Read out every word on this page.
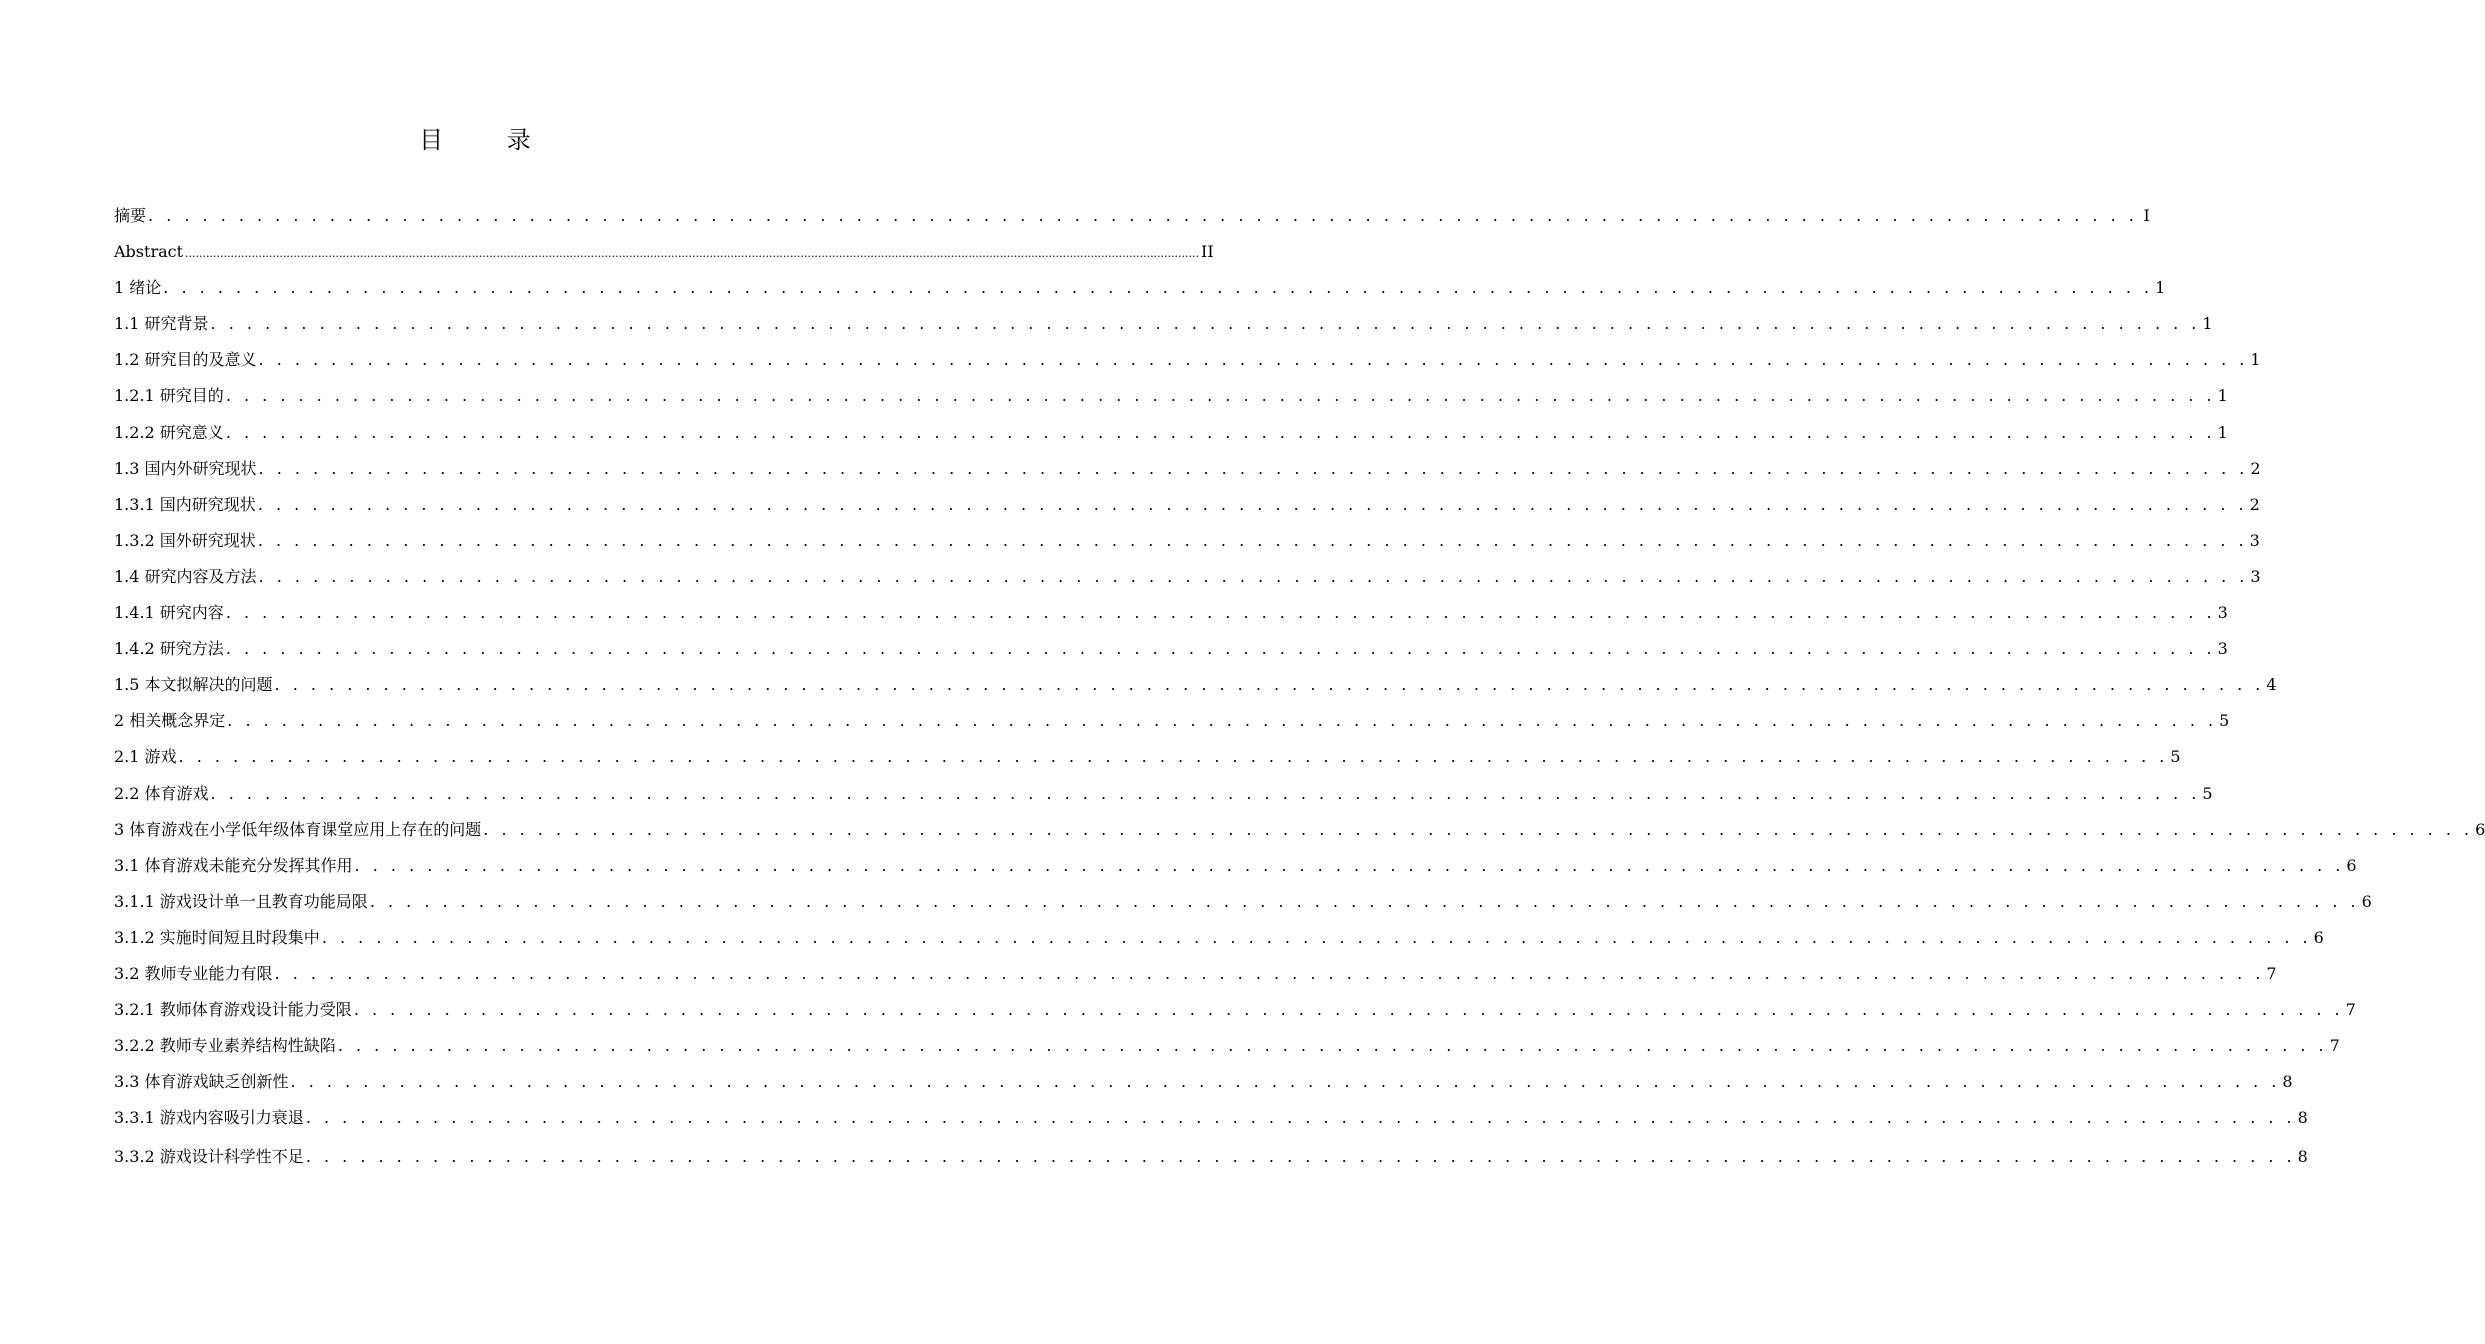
目 录
摘要 . . . . . . . . . . . . . . . . . . . . . . . . . . . . . . . . . . . . . . . . . . . . . . . . . . . . . . . . . . . . . . . . . . . . . . . . . . . . . . . . . . . . . . . . . . . . . . . . . . . . . . . . . . . . . . I
Abstract .................................................................................................................................................................................................................................................................................................. II
1 绪论 . . . . . . . . . . . . . . . . . . . . . . . . . . . . . . . . . . . . . . . . . . . . . . . . . . . . . . . . . . . . . . . . . . . . . . . . . . . . . . . . . . . . . . . . . . . . . . . . . . . . . . . . . . . . . . 1
1.1 研究背景 . . . . . . . . . . . . . . . . . . . . . . . . . . . . . . . . . . . . . . . . . . . . . . . . . . . . . . . . . . . . . . . . . . . . . . . . . . . . . . . . . . . . . . . . . . . . . . . . . . . . . . . . . . . . . . 1
1.2 研究目的及意义 . . . . . . . . . . . . . . . . . . . . . . . . . . . . . . . . . . . . . . . . . . . . . . . . . . . . . . . . . . . . . . . . . . . . . . . . . . . . . . . . . . . . . . . . . . . . . . . . . . . . . . . . . . . . . . 1
1.2.1 研究目的 . . . . . . . . . . . . . . . . . . . . . . . . . . . . . . . . . . . . . . . . . . . . . . . . . . . . . . . . . . . . . . . . . . . . . . . . . . . . . . . . . . . . . . . . . . . . . . . . . . . . . . . . . . . . . . 1
1.2.2 研究意义 . . . . . . . . . . . . . . . . . . . . . . . . . . . . . . . . . . . . . . . . . . . . . . . . . . . . . . . . . . . . . . . . . . . . . . . . . . . . . . . . . . . . . . . . . . . . . . . . . . . . . . . . . . . . . . 1
1.3 国内外研究现状 . . . . . . . . . . . . . . . . . . . . . . . . . . . . . . . . . . . . . . . . . . . . . . . . . . . . . . . . . . . . . . . . . . . . . . . . . . . . . . . . . . . . . . . . . . . . . . . . . . . . . . . . . . . . . . 2
1.3.1 国内研究现状 . . . . . . . . . . . . . . . . . . . . . . . . . . . . . . . . . . . . . . . . . . . . . . . . . . . . . . . . . . . . . . . . . . . . . . . . . . . . . . . . . . . . . . . . . . . . . . . . . . . . . . . . . . . . . . 2
1.3.2 国外研究现状 . . . . . . . . . . . . . . . . . . . . . . . . . . . . . . . . . . . . . . . . . . . . . . . . . . . . . . . . . . . . . . . . . . . . . . . . . . . . . . . . . . . . . . . . . . . . . . . . . . . . . . . . . . . . . . 3
1.4 研究内容及方法 . . . . . . . . . . . . . . . . . . . . . . . . . . . . . . . . . . . . . . . . . . . . . . . . . . . . . . . . . . . . . . . . . . . . . . . . . . . . . . . . . . . . . . . . . . . . . . . . . . . . . . . . . . . . . . 3
1.4.1 研究内容 . . . . . . . . . . . . . . . . . . . . . . . . . . . . . . . . . . . . . . . . . . . . . . . . . . . . . . . . . . . . . . . . . . . . . . . . . . . . . . . . . . . . . . . . . . . . . . . . . . . . . . . . . . . . . . 3
1.4.2 研究方法 . . . . . . . . . . . . . . . . . . . . . . . . . . . . . . . . . . . . . . . . . . . . . . . . . . . . . . . . . . . . . . . . . . . . . . . . . . . . . . . . . . . . . . . . . . . . . . . . . . . . . . . . . . . . . . 3
1.5 本文拟解决的问题 . . . . . . . . . . . . . . . . . . . . . . . . . . . . . . . . . . . . . . . . . . . . . . . . . . . . . . . . . . . . . . . . . . . . . . . . . . . . . . . . . . . . . . . . . . . . . . . . . . . . . . . . . . . . . . 4
2 相关概念界定 . . . . . . . . . . . . . . . . . . . . . . . . . . . . . . . . . . . . . . . . . . . . . . . . . . . . . . . . . . . . . . . . . . . . . . . . . . . . . . . . . . . . . . . . . . . . . . . . . . . . . . . . . . . . . . 5
2.1 游戏 . . . . . . . . . . . . . . . . . . . . . . . . . . . . . . . . . . . . . . . . . . . . . . . . . . . . . . . . . . . . . . . . . . . . . . . . . . . . . . . . . . . . . . . . . . . . . . . . . . . . . . . . . . . . . . 5
2.2 体育游戏 . . . . . . . . . . . . . . . . . . . . . . . . . . . . . . . . . . . . . . . . . . . . . . . . . . . . . . . . . . . . . . . . . . . . . . . . . . . . . . . . . . . . . . . . . . . . . . . . . . . . . . . . . . . . . . 5
3 体育游戏在小学低年级体育课堂应用上存在的问题 . . . . . . . . . . . . . . . . . . . . . . . . . . . . . . . . . . . . . . . . . . . . . . . . . . . . . . . . . . . . . . . . . . . . . . . . . . . . . . . . . . . . . . . . . . . . . . . . . . . . . . . . . . . . . . 6
3.1 体育游戏未能充分发挥其作用 . . . . . . . . . . . . . . . . . . . . . . . . . . . . . . . . . . . . . . . . . . . . . . . . . . . . . . . . . . . . . . . . . . . . . . . . . . . . . . . . . . . . . . . . . . . . . . . . . . . . . . . . . . . . . . 6
3.1.1 游戏设计单一且教育功能局限 . . . . . . . . . . . . . . . . . . . . . . . . . . . . . . . . . . . . . . . . . . . . . . . . . . . . . . . . . . . . . . . . . . . . . . . . . . . . . . . . . . . . . . . . . . . . . . . . . . . . . . . . . . . . . . 6
3.1.2 实施时间短且时段集中 . . . . . . . . . . . . . . . . . . . . . . . . . . . . . . . . . . . . . . . . . . . . . . . . . . . . . . . . . . . . . . . . . . . . . . . . . . . . . . . . . . . . . . . . . . . . . . . . . . . . . . . . . . . . . . 6
3.2 教师专业能力有限 . . . . . . . . . . . . . . . . . . . . . . . . . . . . . . . . . . . . . . . . . . . . . . . . . . . . . . . . . . . . . . . . . . . . . . . . . . . . . . . . . . . . . . . . . . . . . . . . . . . . . . . . . . . . . . 7
3.2.1 教师体育游戏设计能力受限 . . . . . . . . . . . . . . . . . . . . . . . . . . . . . . . . . . . . . . . . . . . . . . . . . . . . . . . . . . . . . . . . . . . . . . . . . . . . . . . . . . . . . . . . . . . . . . . . . . . . . . . . . . . . . . 7
3.2.2 教师专业素养结构性缺陷 . . . . . . . . . . . . . . . . . . . . . . . . . . . . . . . . . . . . . . . . . . . . . . . . . . . . . . . . . . . . . . . . . . . . . . . . . . . . . . . . . . . . . . . . . . . . . . . . . . . . . . . . . . . . . . 7
3.3 体育游戏缺乏创新性 . . . . . . . . . . . . . . . . . . . . . . . . . . . . . . . . . . . . . . . . . . . . . . . . . . . . . . . . . . . . . . . . . . . . . . . . . . . . . . . . . . . . . . . . . . . . . . . . . . . . . . . . . . . . . . 8
3.3.1 游戏内容吸引力衰退 . . . . . . . . . . . . . . . . . . . . . . . . . . . . . . . . . . . . . . . . . . . . . . . . . . . . . . . . . . . . . . . . . . . . . . . . . . . . . . . . . . . . . . . . . . . . . . . . . . . . . . . . . . . . . . 8
3.3.2 游戏设计科学性不足 . . . . . . . . . . . . . . . . . . . . . . . . . . . . . . . . . . . . . . . . . . . . . . . . . . . . . . . . . . . . . . . . . . . . . . . . . . . . . . . . . . . . . . . . . . . . . . . . . . . . . . . . . . . . . . 8
